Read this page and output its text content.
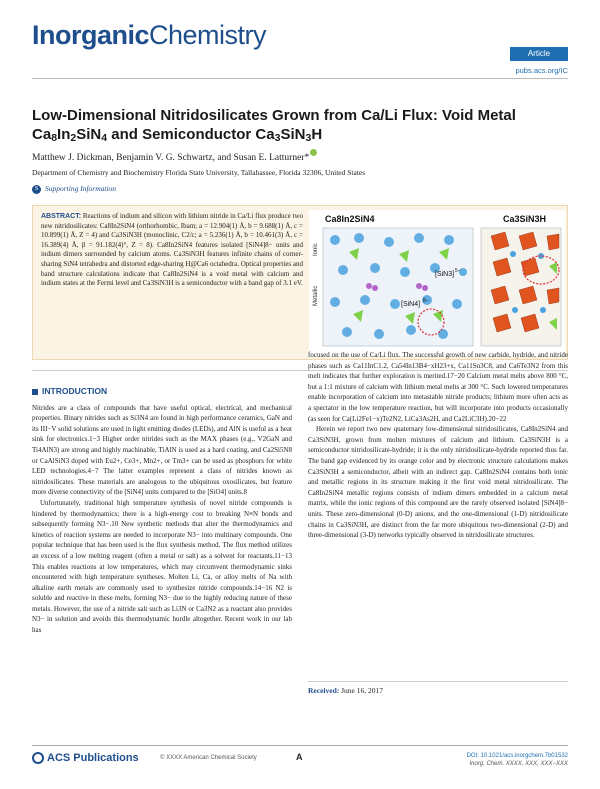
InorganicChemistry
Article
pubs.acs.org/IC
Low-Dimensional Nitridosilicates Grown from Ca/Li Flux: Void Metal $Ca_8In_2SiN_4$ and Semiconductor $Ca_3SiN_3H$
Matthew J. Dickman, Benjamin V. G. Schwartz, and Susan E. Latturner*
Department of Chemistry and Biochemistry Florida State University, Tallahassee, Florida 32306, United States
S Supporting Information
ABSTRACT: Reactions of indium and silicon with lithium nitride in Ca/Li flux produce two new nitridosilicates: Ca8In2SiN4 (orthorhombic, Ibam; a = 12.904(1) Å, b = 9.688(1) Å, c = 10.899(1) Å, Z = 4) and Ca3SiN3H (monoclinic, C2/c; a = 5.236(1) Å, b = 10.461(3) Å, c = 16.389(4) Å, β = 91.182(4)°, Z = 8). Ca8In2SiN4 features isolated [SiN4]8− units and indium dimers surrounded by calcium atoms. Ca3SiN3H features infinite chains of corner-sharing SiN4 tetrahedra and distorted edge-sharing H@Ca6 octahedra. Optical properties and band structure calculations indicate that Ca8In2SiN4 is a void metal with calcium and indium states at the Fermi level and Ca3SiN3H is a semiconductor with a band gap of 3.1 eV.
Ca8In2SiN4	Ca3SiN3H
Ionic
Metallic
[SiN3] 5−
[SiN4] 8−
INTRODUCTION

Nitrides are a class of compounds that have useful optical, electrical, and mechanical properties. Binary nitrides such as Si3N4 are found in high performance ceramics, GaN and its III−V solid solutions are used in light emitting diodes (LEDs), and AlN is useful as a heat sink for electronics.1−3 Higher order nitrides such as the MAX phases (e.g., V2GaN and Ti4AlN3) are strong and highly machinable, TiAlN is used as a hard coating, and Ca2Si5N8 or CaAlSiN3 doped with Eu2+, Ce3+, Mn2+, or Tm3+ can be used as phosphors for white LED technologies.4−7 The latter examples represent a class of nitrides known as nitridosilicates. These materials are analogous to the ubiquitous oxosilicates, but feature more diverse connectivity of the [SiN4] units compared to the [SiO4] units.8

Unfortunately, traditional high temperature synthesis of novel nitride compounds is hindered by thermodynamics; there is a high-energy cost to breaking N≡N bonds and subsequently forming N3−.10 New synthetic methods that alter the thermodynamics and kinetics of reaction systems are needed to incorporate N3− into multinary compounds. One popular technique that has been used is the flux synthesis method. The flux method utilizes an excess of a low melting reagent (often a metal or salt) as a solvent for reactants.11−13 This enables reactions at low temperatures, which may circumvent thermodynamic sinks encountered with high temperature syntheses. Molten Li, Ca, or alloy melts of Na with alkaline earth metals are commonly used to synthesize nitride compounds.14−16 N2 is soluble and reactive in these melts, forming N3− due to the highly reducing nature of these metals. However, the use of a nitride salt such as Li3N or Ca3N2 as a reactant also provides N3− in solution and avoids this thermodynamic hurdle altogether. Recent work in our lab has

focused on the use of Ca/Li flux. The successful growth of new carbide, hydride, and nitride phases such as Ca11InC1.2, Ca54In13B4−xH23+x, Ca11Sn3C8, and Ca6Te3N2 from this melt indicates that further exploration is merited.17−20 Calcium metal melts above 800 °C, but a 1:1 mixture of calcium with lithium metal melts at 300 °C. Such lowered temperatures enable incorporation of calcium into metastable nitride products; lithium more often acts as a spectator in the low temperature reaction, but will incorporate into products occasionally (as seen for Ca(Li2Fe1−x)Te2N2, LiCa3As2H, and Ca2LiC3H).20−22

Herein we report two new quaternary low-dimensional nitridosilicates, Ca8In2SiN4 and Ca3SiN3H, grown from molten mixtures of calcium and lithium. Ca3SiN3H is a semiconductor nitridosilicate-hydride; it is the only nitridosilicate-hydride reported thus far. The band gap evidenced by its orange color and by electronic structure calculations makes Ca3SiN3H a semiconductor, albeit with an indirect gap. Ca8In2SiN4 contains both ionic and metallic regions in its structure making it the first void metal nitridosilicate. The Ca8In2SiN4 metallic regions consists of indium dimers embedded in a calcium metal matrix, while the ionic regions of this compound are the rarely observed isolated [SiN4]8− units. These zero-dimensional (0-D) anions, and the one-dimensional (1-D) nitridosilicate chains in Ca3SiN3H, are distinct from the far more ubiquitous two-dimensional (2-D) and three-dimensional (3-D) networks typically observed in nitridosilicate structures.

Received: June 16, 2017
ACS Publications	© XXXX American Chemical Society	A	DOI: 10.1021/acs.inorgchem.7b01532
Inorg. Chem. XXXX, XXX, XXX−XXX
